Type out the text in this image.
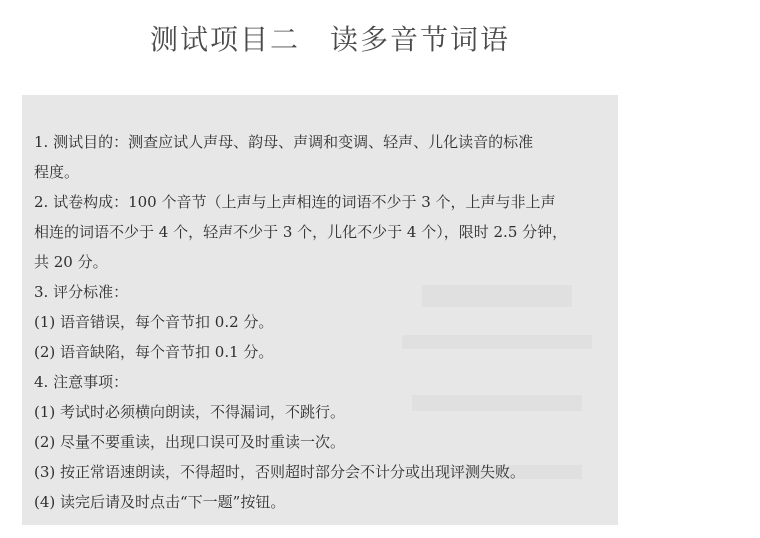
测试项目二　读多音节词语
1. 测试目的：测查应试人声母、韵母、声调和变调、轻声、儿化读音的标准
程度。
2. 试卷构成：100 个音节（上声与上声相连的词语不少于 3 个，上声与非上声
相连的词语不少于 4 个，轻声不少于 3 个，儿化不少于 4 个），限时 2.5 分钟，
共 20 分。
3. 评分标准：
(1) 语音错误，每个音节扣 0.2 分。
(2) 语音缺陷，每个音节扣 0.1 分。
4. 注意事项：
(1) 考试时必须横向朗读，不得漏词，不跳行。
(2) 尽量不要重读，出现口误可及时重读一次。
(3) 按正常语速朗读，不得超时，否则超时部分会不计分或出现评测失败。
(4) 读完后请及时点击“下一题”按钮。
